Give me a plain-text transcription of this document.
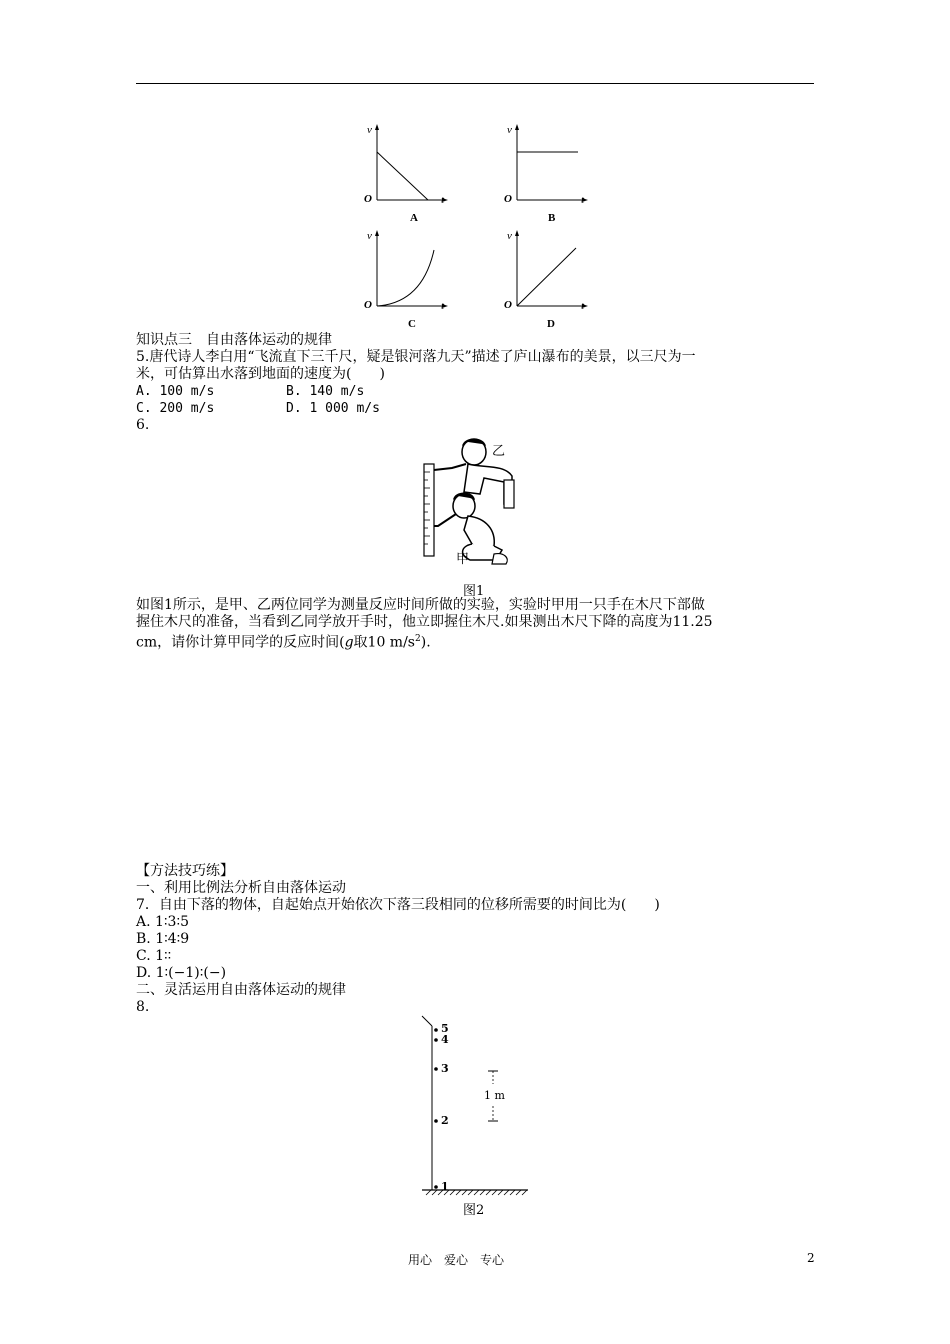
v
t
O
A
v
t
O
B
v
t
O
C
v
t
O
D
知识点三　自由落体运动的规律
5.唐代诗人李白用“飞流直下三千尺，疑是银河落九天”描述了庐山瀑布的美景，以三尺为一
米，可估算出水落到地面的速度为(　　)
A. 100 m/s	B. 140 m/s
C. 200 m/s	D. 1 000 m/s
6.
乙
甲
图1
如图1所示，是甲、乙两位同学为测量反应时间所做的实验，实验时甲用一只手在木尺下部做
握住木尺的准备，当看到乙同学放开手时，他立即握住木尺.如果测出木尺下降的高度为11.25
cm，请你计算甲同学的反应时间(g取10 $m/s^2$).
【方法技巧练】
一、利用比例法分析自由落体运动
7．自由下落的物体，自起始点开始依次下落三段相同的位移所需要的时间比为(　　)
A. 1∶3∶5
B. 1∶4∶9
C. 1∶∶
D. 1∶(−1)∶(−)
二、灵活运用自由落体运动的规律
8.
5
4
3
2
1
1 m
图2
用心　爱心　专心	2
